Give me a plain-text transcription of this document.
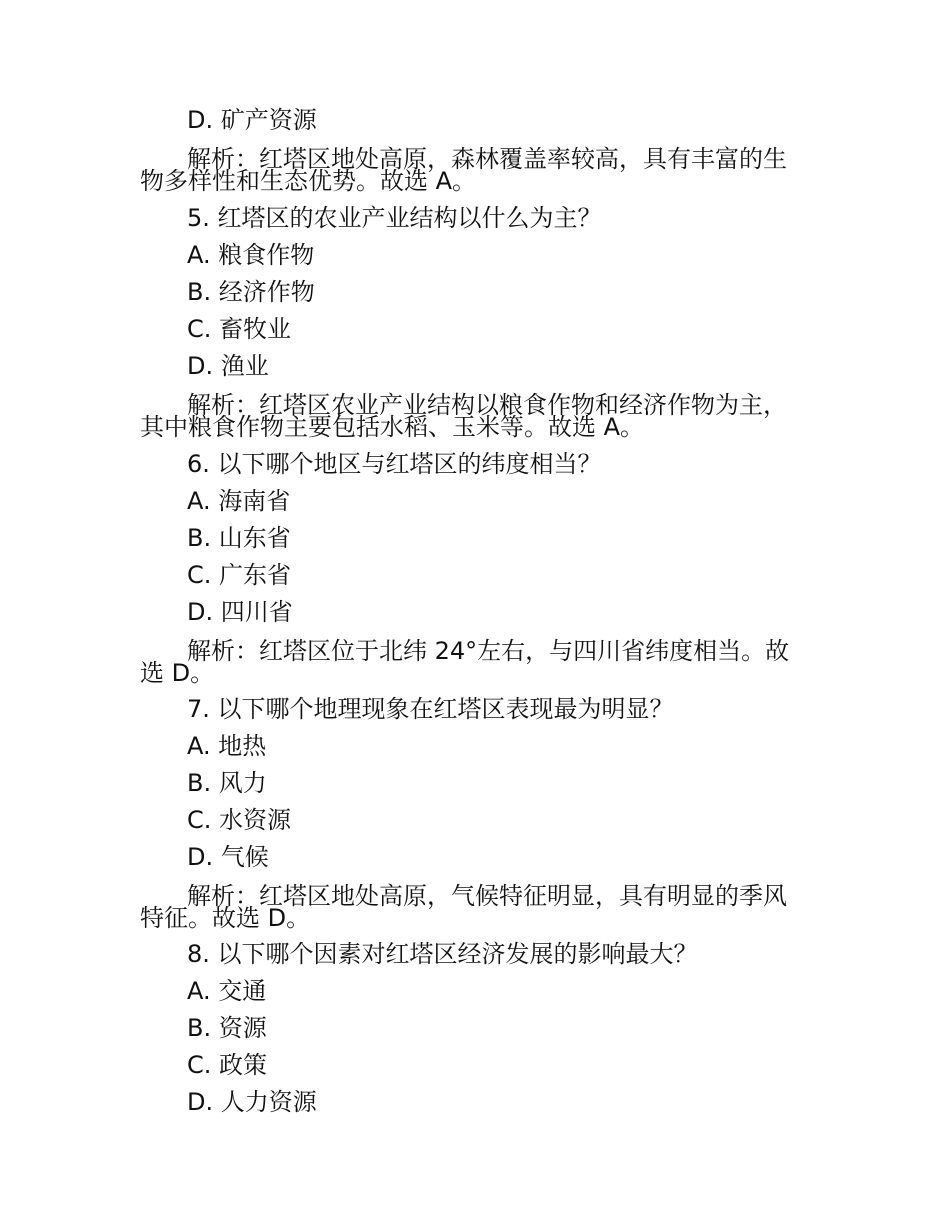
D. 矿产资源
解析：红塔区地处高原，森林覆盖率较高，具有丰富的生物多样性和生态优势。故选 A。
5. 红塔区的农业产业结构以什么为主？
A. 粮食作物
B. 经济作物
C. 畜牧业
D. 渔业
解析：红塔区农业产业结构以粮食作物和经济作物为主，其中粮食作物主要包括水稻、玉米等。故选 A。
6. 以下哪个地区与红塔区的纬度相当？
A. 海南省
B. 山东省
C. 广东省
D. 四川省
解析：红塔区位于北纬 24°左右，与四川省纬度相当。故选 D。
7. 以下哪个地理现象在红塔区表现最为明显？
A. 地热
B. 风力
C. 水资源
D. 气候
解析：红塔区地处高原，气候特征明显，具有明显的季风特征。故选 D。
8. 以下哪个因素对红塔区经济发展的影响最大？
A. 交通
B. 资源
C. 政策
D. 人力资源
